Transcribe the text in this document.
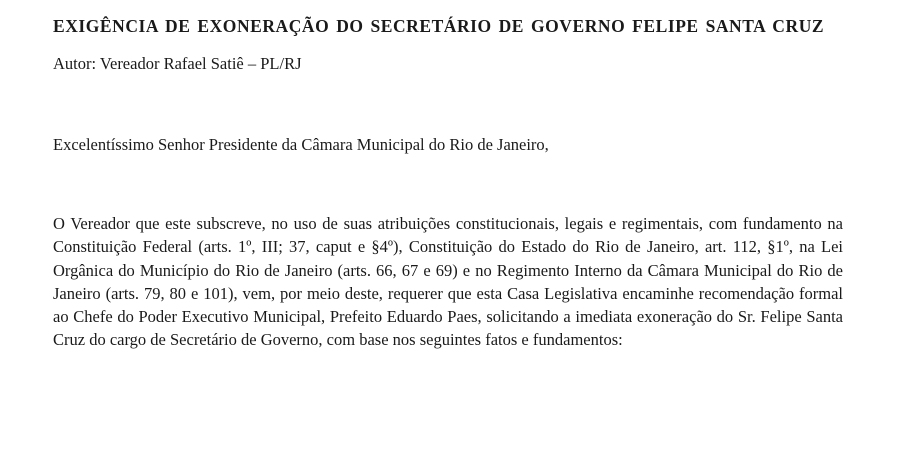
EXIGÊNCIA DE EXONERAÇÃO DO SECRETÁRIO DE GOVERNO FELIPE SANTA CRUZ

Autor: Vereador Rafael Satiê – PL/RJ

Excelentíssimo Senhor Presidente da Câmara Municipal do Rio de Janeiro,

O Vereador que este subscreve, no uso de suas atribuições constitucionais, legais e regimentais, com fundamento na Constituição Federal (arts. 1º, III; 37, caput e §4º), Constituição do Estado do Rio de Janeiro, art. 112, §1º, na Lei Orgânica do Município do Rio de Janeiro (arts. 66, 67 e 69) e no Regimento Interno da Câmara Municipal do Rio de Janeiro (arts. 79, 80 e 101), vem, por meio deste, requerer que esta Casa Legislativa encaminhe recomendação formal ao Chefe do Poder Executivo Municipal, Prefeito Eduardo Paes, solicitando a imediata exoneração do Sr. Felipe Santa Cruz do cargo de Secretário de Governo, com base nos seguintes fatos e fundamentos:
